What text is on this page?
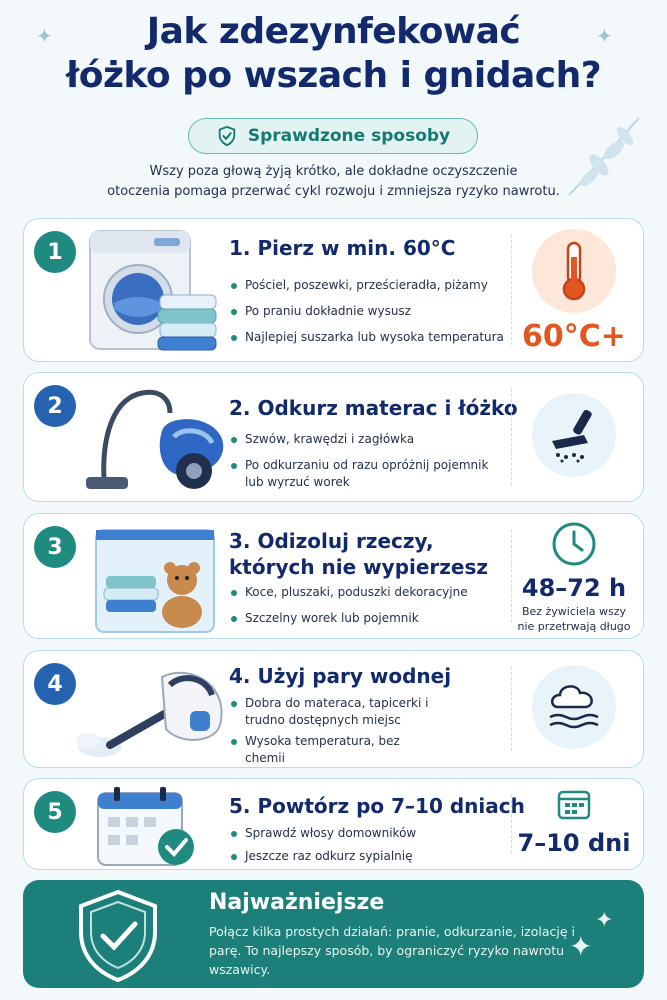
✦	✦
Jak zdezynfekować
łóżko po wszach i gnidach?
Sprawdzone sposoby
Wszy poza głową żyją krótko, ale dokładne oczyszczenie
otoczenia pomaga przerwać cykl rozwoju i zmniejsza ryzyko nawrotu.
1	1. Pierz w min. 60°C
Pościel, poszewki, prześcieradła, piżamy
Po praniu dokładnie wysusz
Najlepiej suszarka lub wysoka temperatura 60°C+
2	2. Odkurz materac i łóżko
Szwów, krawędzi i zagłówka
Po odkurzaniu od razu opróżnij pojemnik lub wyrzuć worek
3	3. Odizoluj rzeczy,
których nie wypierzesz
Koce, pluszaki, poduszki dekoracyjne
Szczelny worek lub pojemnik
48–72 h
Bez żywiciela wszy nie przetrwają długo
4	4. Użyj pary wodnej
Dobra do materaca, tapicerki i trudno dostępnych miejsc
Wysoka temperatura, bez chemii
5	5. Powtórz po 7–10 dniach
Sprawdź włosy domowników
Jeszcze raz odkurz sypialnię	7–10 dni
Najważniejsze

Połącz kilka prostych działań: pranie, odkurzanie, izolację i parę. To najlepszy sposób, by ograniczyć ryzyko nawrotu wszawicy.

✦
✦
